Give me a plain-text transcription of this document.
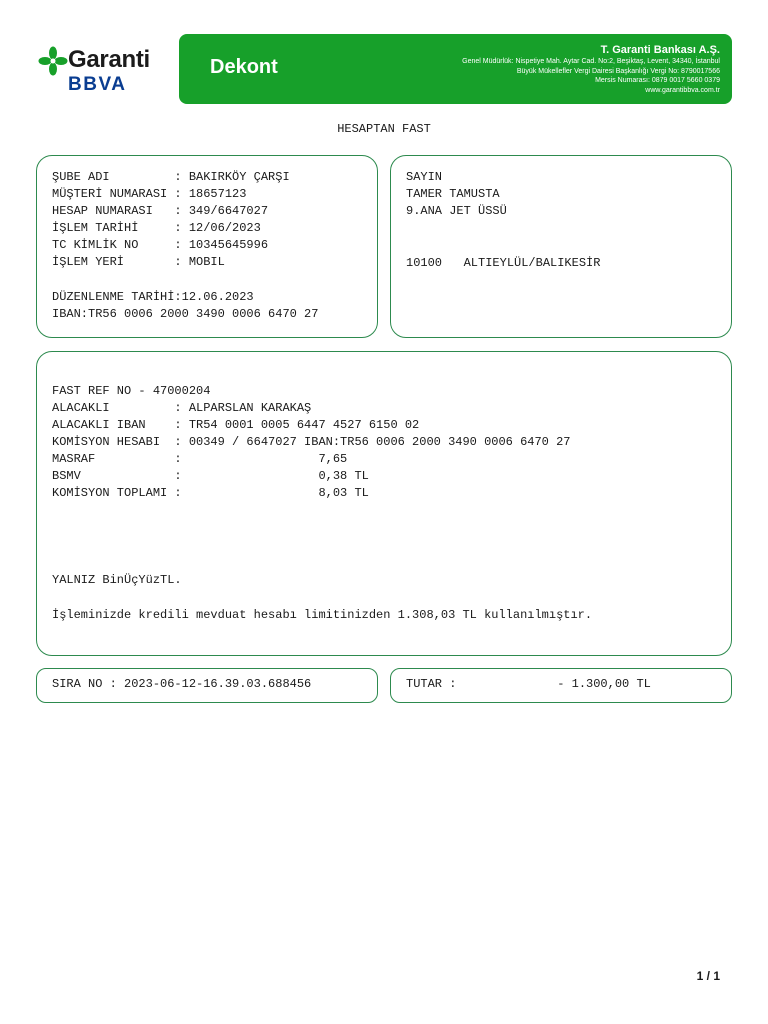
Garanti
BBVA
Dekont
T. Garanti Bankası A.Ş.
Genel Müdürlük: Nispetiye Mah. Aytar Cad. No:2, Beşiktaş, Levent, 34340, İstanbul
Büyük Mükellefler Vergi Dairesi Başkanlığı Vergi No: 8790017566
Mersis Numarası: 0879 0017 5660 0379
www.garantibbva.com.tr
HESAPTAN FAST
ŞUBE ADI         : BAKIRKÖY ÇARŞI
MÜŞTERİ NUMARASI : 18657123
HESAP NUMARASI   : 349/6647027
İŞLEM TARİHİ     : 12/06/2023
TC KİMLİK NO     : 10345645996
İŞLEM YERİ       : MOBIL
DÜZENLENME TARİHİ:12.06.2023
IBAN:TR56 0006 2000 3490 0006 6470 27
SAYIN
TAMER TAMUSTA
9.ANA JET ÜSSÜ
10100   ALTIEYLÜL/BALIKESİR
FAST REF NO - 47000204
ALACAKLI         : ALPARSLAN KARAKAŞ
ALACAKLI IBAN    : TR54 0001 0005 6447 4527 6150 02
KOMİSYON HESABI  : 00349 / 6647027 IBAN:TR56 0006 2000 3490 0006 6470 27
MASRAF           :                   7,65
BSMV             :                   0,38 TL
KOMİSYON TOPLAMI :                   8,03 TL
YALNIZ BinÜçYüzTL.
İşleminizde kredili mevduat hesabı limitinizden 1.308,03 TL kullanılmıştır.
SIRA NO : 2023-06-12-16.39.03.688456	TUTAR :              - 1.300,00 TL
1 / 1
